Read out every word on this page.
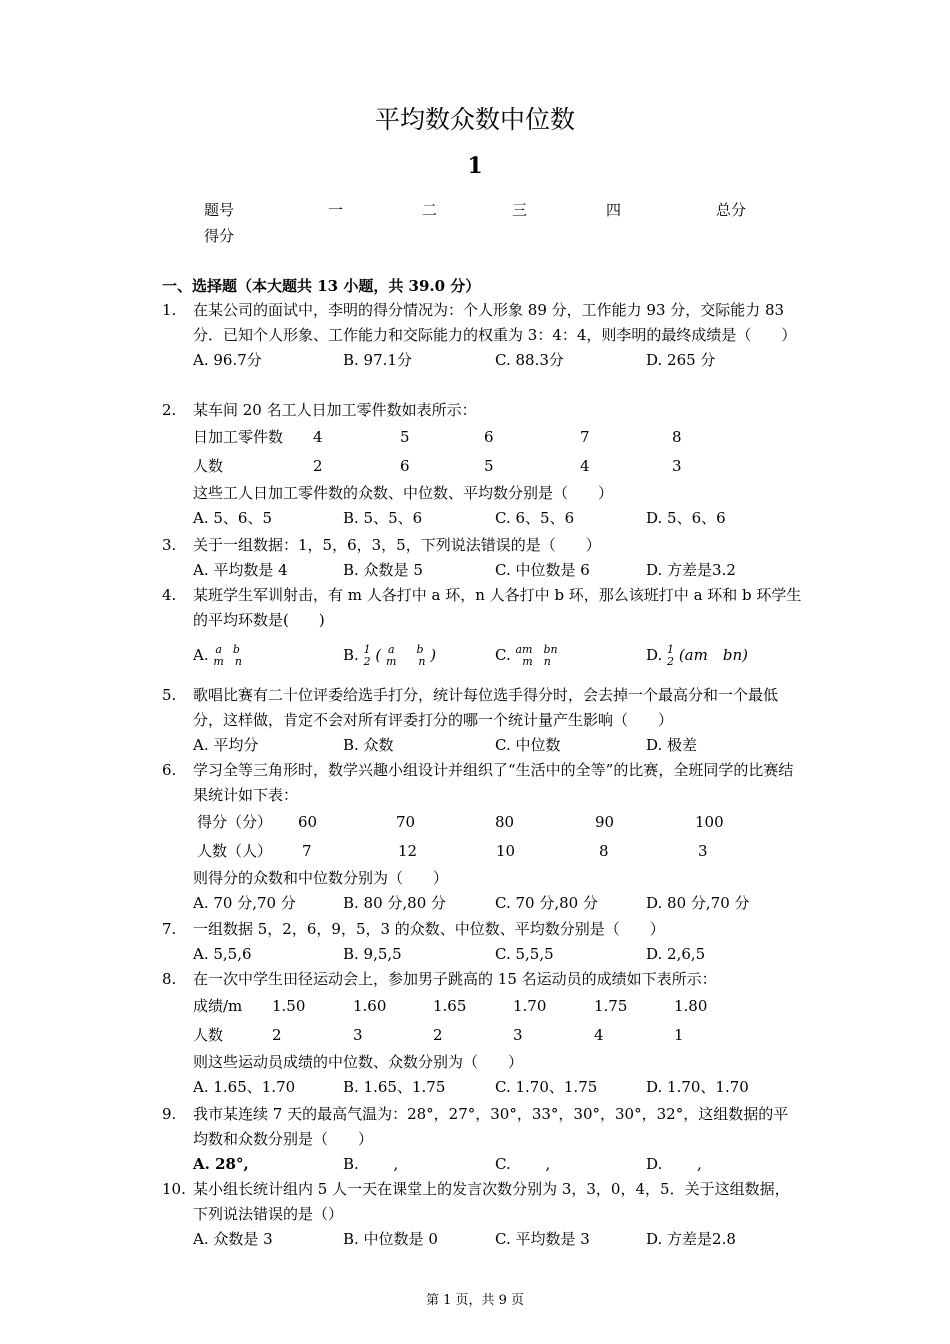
平均数众数中位数
1
题号	一	二	三	四	总分
得分
一、选择题（本大题共 13 小题，共 39.0 分）
1. 在某公司的面试中，李明的得分情况为：个人形象 89 分，工作能力 93 分，交际能力 83 分．已知个人形象、工作能力和交际能力的权重为 3：4：4，则李明的最终成绩是（　　）
A. 96.7分	B. 97.1分	C. 88.3分	D. 265 分
2. 某车间 20 名工人日加工零件数如表所示：
日加工零件数 4	5	6	7	8
人数	2	6	5	4	3
这些工人日加工零件数的众数、中位数、平均数分别是（　　）
A. 5、6、5	B. 5、5、6	C. 6、5、6	D. 5、6、6
3. 关于一组数据：1，5，6，3，5，下列说法错误的是（　　）
A. 平均数是 4	B. 众数是 5	C. 中位数是 6	D. 方差是3.2
4. 某班学生军训射击，有 m 人各打中 a 环，n 人各打中 b 环，那么该班打中 a 环和 b 环学生的平均环数是(　　)
A. a　b
m　n	B. 1
2 ( a　　b
m　　n )	C. am　bn
m　n	D. 1
2 (am　bn)
5. 歌唱比赛有二十位评委给选手打分，统计每位选手得分时，会去掉一个最高分和一个最低分，这样做，肯定不会对所有评委打分的哪一个统计量产生影响（　　）
A. 平均分	B. 众数	C. 中位数	D. 极差
6. 学习全等三角形时，数学兴趣小组设计并组织了“生活中的全等”的比赛，全班同学的比赛结果统计如下表：
得分（分） 60	70	80	90	100
人数（人） 7	12	10	8	3
则得分的众数和中位数分别为（　　）
A. 70 分,70 分	B. 80 分,80 分	C. 70 分,80 分	D. 80 分,70 分
7. 一组数据 5，2，6，9，5，3 的众数、中位数、平均数分别是（　　）
A. 5,5,6	B. 9,5,5	C. 5,5,5	D. 2,6,5
8. 在一次中学生田径运动会上，参加男子跳高的 15 名运动员的成绩如下表所示：
成绩/m 1.50	1.60	1.65	1.70	1.75	1.80
人数	2	3	2	3	4	1
则这些运动员成绩的中位数、众数分别为（　　）
A. 1.65、1.70	B. 1.65、1.75	C. 1.70、1.75	D. 1.70、1.70
9. 我市某连续 7 天的最高气温为：28°，27°，30°，33°，30°，30°，32°，这组数据的平均数和众数分别是（　　）
A. 28°,	B. 　　,	C. 　　,	D. 　　,
10. 某小组长统计组内 5 人一天在课堂上的发言次数分别为 3，3，0，4，5．关于这组数据，下列说法错误的是（）
A. 众数是 3	B. 中位数是 0	C. 平均数是 3	D. 方差是2.8
第 1 页，共 9 页
